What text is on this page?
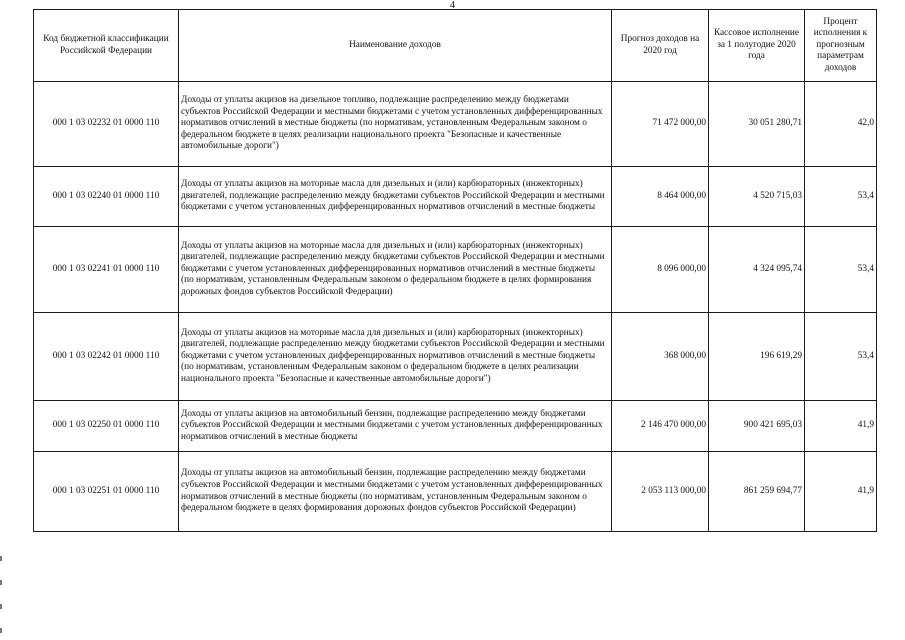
4
Код бюджетной классификации Российской Федерации	Наименование доходов	Прогноз доходов на 2020 год	Кассовое исполнение за 1 полугодие 2020 года	Процент исполнения к прогнозным параметрам доходов
000 1 03 02232 01 0000 110	Доходы от уплаты акцизов на дизельное топливо, подлежащие распределению между бюджетами субъектов Российской Федерации и местными бюджетами с учетом установленных дифференцированных нормативов отчислений в местные бюджеты (по нормативам, установленным Федеральным законом о федеральном бюджете в целях реализации национального проекта "Безопасные и качественные автомобильные дороги")	71 472 000,00	30 051 280,71	42,0
000 1 03 02240 01 0000 110	Доходы от уплаты акцизов на моторные масла для дизельных и (или) карбюраторных (инжекторных) двигателей, подлежащие распределению между бюджетами субъектов Российской Федерации и местными бюджетами с учетом установленных дифференцированных нормативов отчислений в местные бюджеты	8 464 000,00	4 520 715,03	53,4
000 1 03 02241 01 0000 110	Доходы от уплаты акцизов на моторные масла для дизельных и (или) карбюраторных (инжекторных) двигателей, подлежащие распределению между бюджетами субъектов Российской Федерации и местными бюджетами с учетом установленных дифференцированных нормативов отчислений в местные бюджеты (по нормативам, установленным Федеральным законом о федеральном бюджете в целях формирования дорожных фондов субъектов Российской Федерации)	8 096 000,00	4 324 095,74	53,4
000 1 03 02242 01 0000 110	Доходы от уплаты акцизов на моторные масла для дизельных и (или) карбюраторных (инжекторных) двигателей, подлежащие распределению между бюджетами субъектов Российской Федерации и местными бюджетами с учетом установленных дифференцированных нормативов отчислений в местные бюджеты (по нормативам, установленным Федеральным законом о федеральном бюджете в целях реализации национального проекта "Безопасные и качественные автомобильные дороги")	368 000,00	196 619,29	53,4
000 1 03 02250 01 0000 110	Доходы от уплаты акцизов на автомобильный бензин, подлежащие распределению между бюджетами субъектов Российской Федерации и местными бюджетами с учетом установленных дифференцированных нормативов отчислений в местные бюджеты	2 146 470 000,00	900 421 695,03	41,9
000 1 03 02251 01 0000 110	Доходы от уплаты акцизов на автомобильный бензин, подлежащие распределению между бюджетами субъектов Российской Федерации и местными бюджетами с учетом установленных дифференцированных нормативов отчислений в местные бюджеты (по нормативам, установленным Федеральным законом о федеральном бюджете в целях формирования дорожных фондов субъектов Российской Федерации)	2 053 113 000,00	861 259 694,77	41,9
